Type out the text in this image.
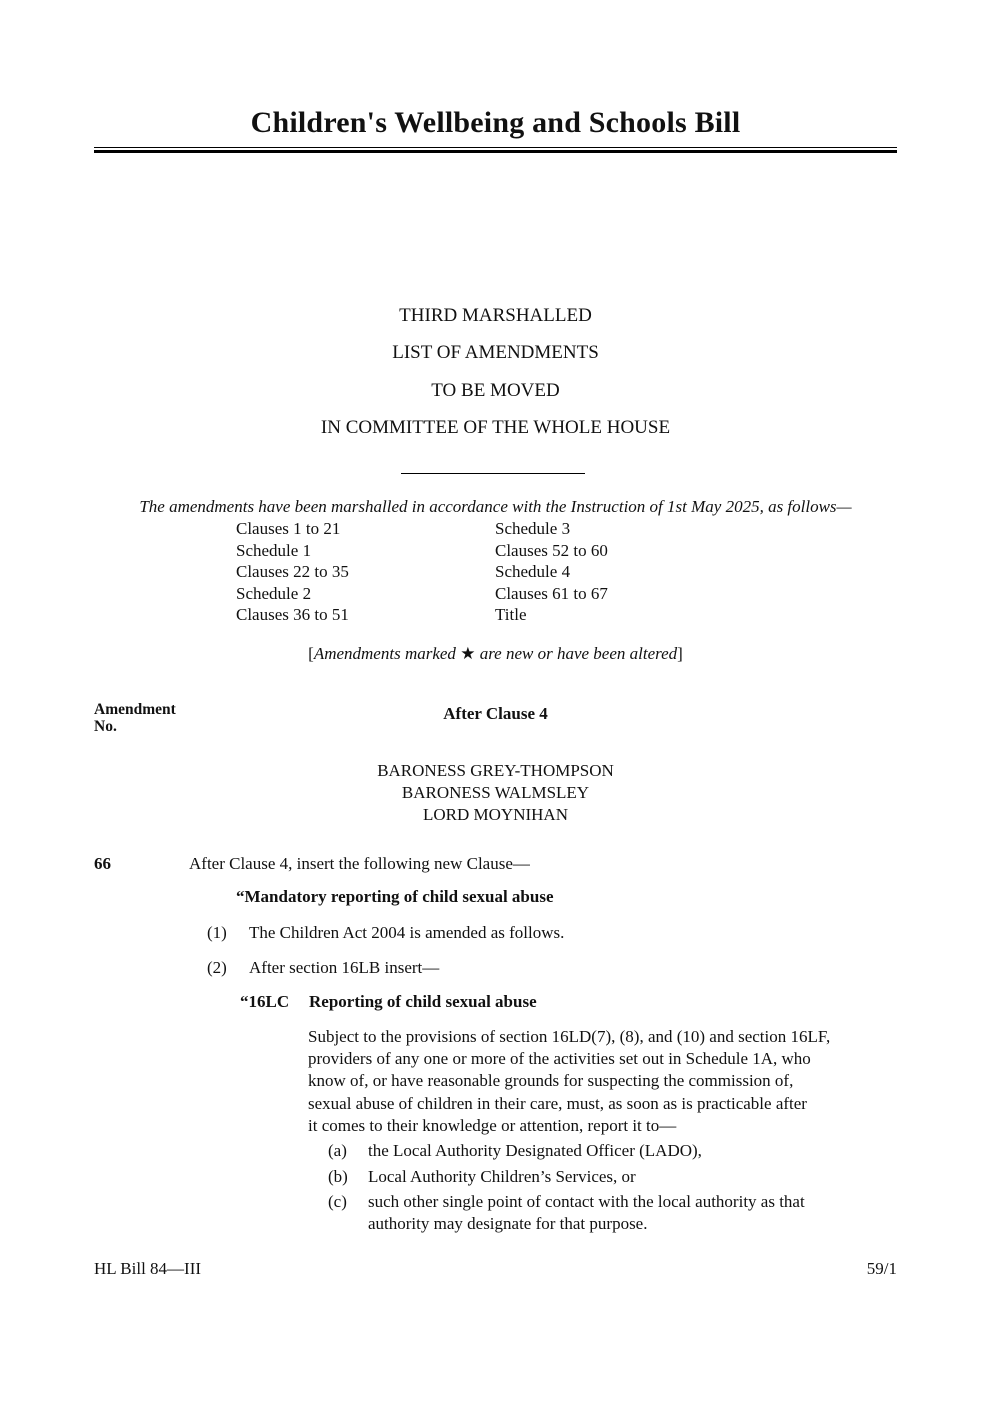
Children's Wellbeing and Schools Bill
THIRD MARSHALLED
LIST OF AMENDMENTS
TO BE MOVED
IN COMMITTEE OF THE WHOLE HOUSE
The amendments have been marshalled in accordance with the Instruction of 1st May 2025, as follows—
Clauses 1 to 21
Schedule 1
Clauses 22 to 35
Schedule 2
Clauses 36 to 51
Schedule 3
Clauses 52 to 60
Schedule 4
Clauses 61 to 67
Title
[Amendments marked ★ are new or have been altered]
Amendment
No.
After Clause 4
BARONESS GREY-THOMPSON
BARONESS WALMSLEY
LORD MOYNIHAN
66	After Clause 4, insert the following new Clause—
“Mandatory reporting of child sexual abuse
(1) The Children Act 2004 is amended as follows.
(2) After section 16LB insert—
“16LC Reporting of child sexual abuse
Subject to the provisions of section 16LD(7), (8), and (10) and section 16LF,
providers of any one or more of the activities set out in Schedule 1A, who
know of, or have reasonable grounds for suspecting the commission of,
sexual abuse of children in their care, must, as soon as is practicable after
it comes to their knowledge or attention, report it to—
(a) the Local Authority Designated Officer (LADO),
(b) Local Authority Children’s Services, or
(c) such other single point of contact with the local authority as that
authority may designate for that purpose.
HL Bill 84—III	59/1
